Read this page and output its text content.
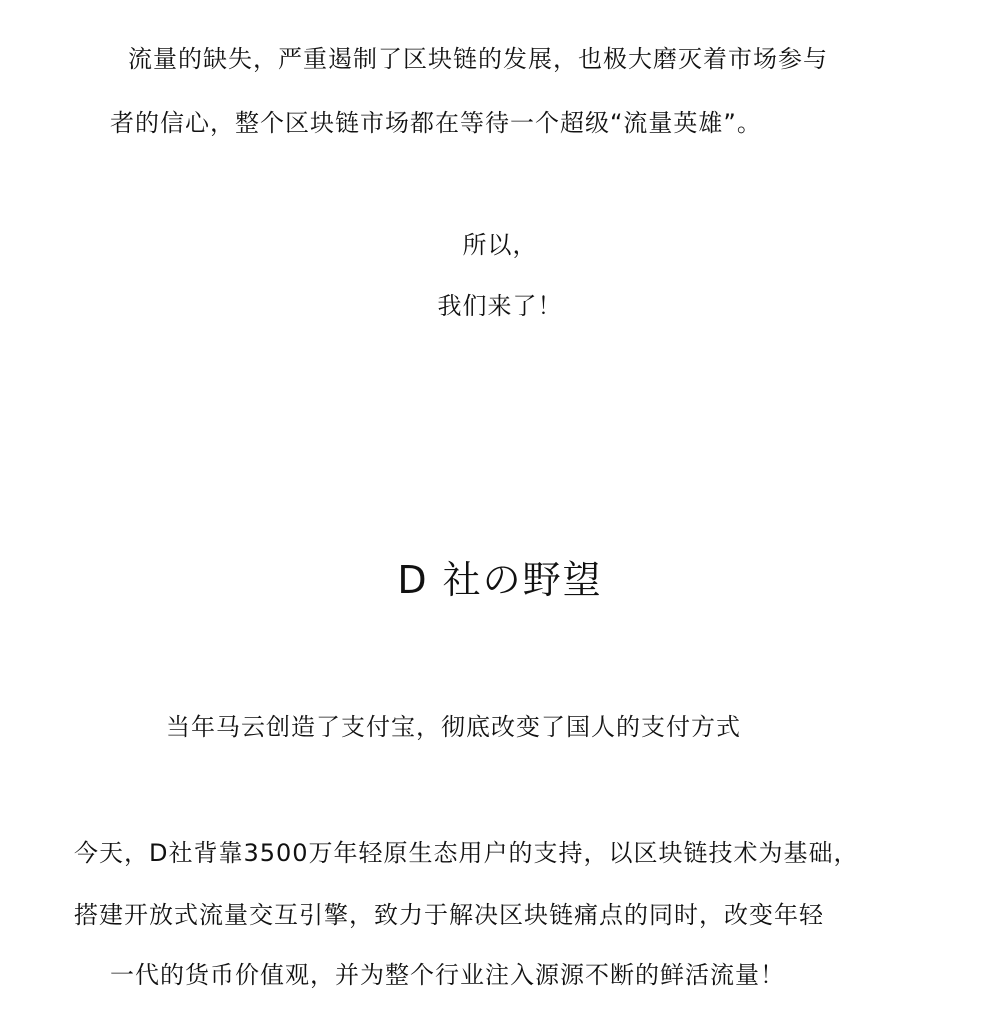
流量的缺失，严重遏制了区块链的发展，也极大磨灭着市场参与

者的信心，整个区块链市场都在等待一个超级“流量英雄”。

所以，

我们来了！

D 社の野望

当年马云创造了支付宝，彻底改变了国人的支付方式

今天，D社背靠3500万年轻原生态用户的支持，以区块链技术为基础，

搭建开放式流量交互引擎，致力于解决区块链痛点的同时，改变年轻

一代的货币价值观，并为整个行业注入源源不断的鲜活流量！
